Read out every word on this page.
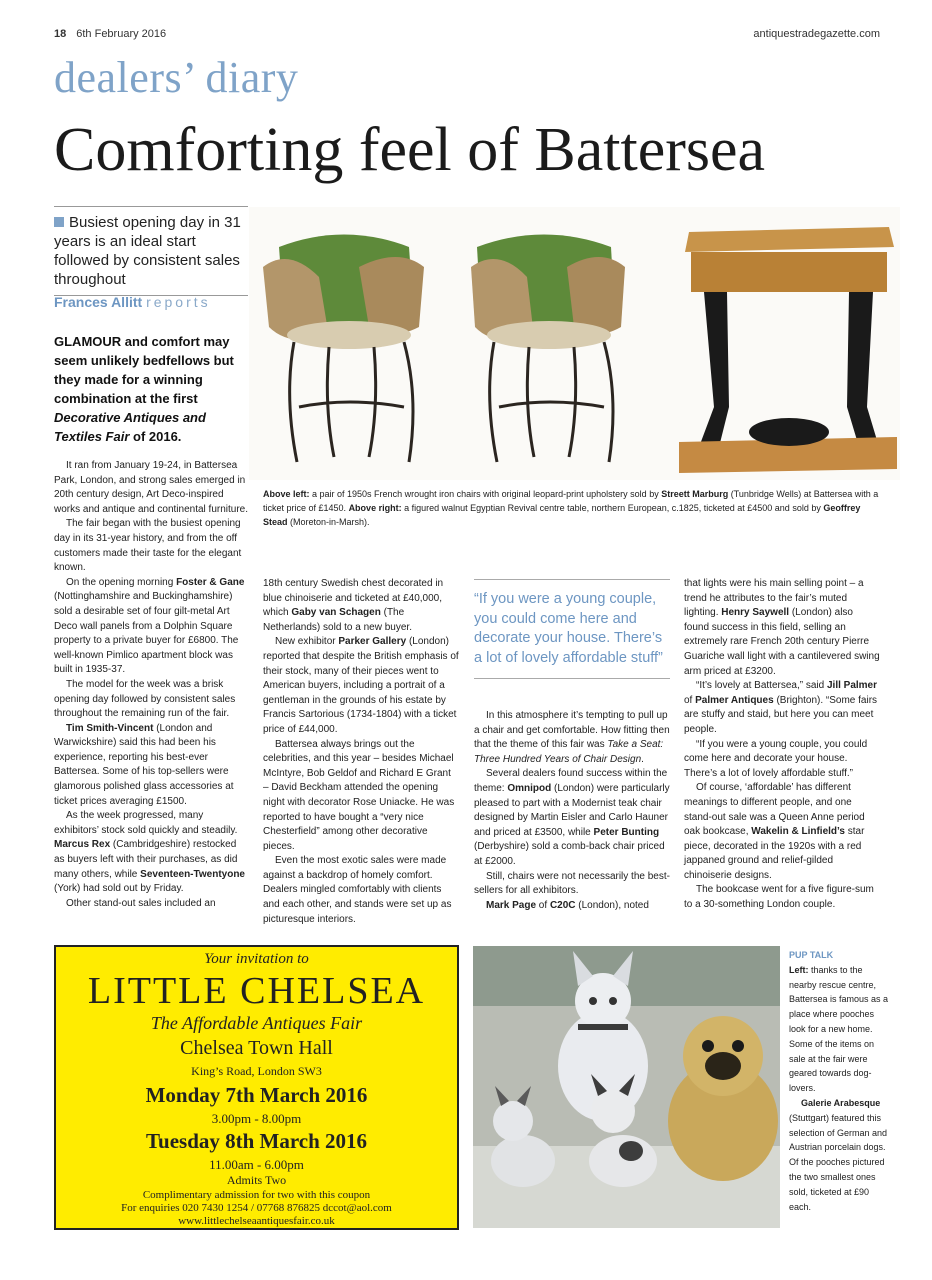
18 6th February 2016	antiquestradegazette.com
dealers’ diary
Comforting feel of Battersea
Busiest opening day in 31 years is an ideal start followed by consistent sales throughout
Frances Allitt reports
GLAMOUR and comfort may seem unlikely bedfellows but they made for a winning combination at the first Decorative Antiques and Textiles Fair of 2016.
Above left: a pair of 1950s French wrought iron chairs with original leopard-print upholstery sold by Streett Marburg (Tunbridge Wells) at Battersea with a ticket price of £1450. Above right: a figured walnut Egyptian Revival centre table, northern European, c.1825, ticketed at £4500 and sold by Geoffrey Stead (Moreton-in-Marsh).

It ran from January 19-24, in Battersea Park, London, and strong sales emerged in 20th century design, Art Deco-inspired works and antique and continental furniture.

The fair began with the busiest opening day in its 31-year history, and from the off customers made their taste for the elegant known.

On the opening morning Foster & Gane (Nottinghamshire and Buckinghamshire) sold a desirable set of four gilt-metal Art Deco wall panels from a Dolphin Square property to a private buyer for £6800. The well-known Pimlico apartment block was built in 1935-37.

The model for the week was a brisk opening day followed by consistent sales throughout the remaining run of the fair.

Tim Smith-Vincent (London and Warwickshire) said this had been his experience, reporting his best-ever Battersea. Some of his top-sellers were glamorous polished glass accessories at ticket prices averaging £1500.

As the week progressed, many exhibitors’ stock sold quickly and steadily. Marcus Rex (Cambridgeshire) restocked as buyers left with their purchases, as did many others, while Seventeen-Twentyone (York) had sold out by Friday.

Other stand-out sales included an

18th century Swedish chest decorated in blue chinoiserie and ticketed at £40,000, which Gaby van Schagen (The Netherlands) sold to a new buyer.

New exhibitor Parker Gallery (London) reported that despite the British emphasis of their stock, many of their pieces went to American buyers, including a portrait of a gentleman in the grounds of his estate by Francis Sartorious (1734-1804) with a ticket price of £44,000.

Battersea always brings out the celebrities, and this year – besides Michael McIntyre, Bob Geldof and Richard E Grant – David Beckham attended the opening night with decorator Rose Uniacke. He was reported to have bought a “very nice Chesterfield” among other decorative pieces.

Even the most exotic sales were made against a backdrop of homely comfort. Dealers mingled comfortably with clients and each other, and stands were set up as picturesque interiors.

“If you were a young couple, you could come here and decorate your house. There’s a lot of lovely affordable stuff”

In this atmosphere it’s tempting to pull up a chair and get comfortable. How fitting then that the theme of this fair was Take a Seat: Three Hundred Years of Chair Design.

Several dealers found success within the theme: Omnipod (London) were particularly pleased to part with a Modernist teak chair designed by Martin Eisler and Carlo Hauner and priced at £3500, while Peter Bunting (Derbyshire) sold a comb-back chair priced at £2000.

Still, chairs were not necessarily the best-sellers for all exhibitors.

Mark Page of C20C (London), noted

that lights were his main selling point – a trend he attributes to the fair’s muted lighting. Henry Saywell (London) also found success in this field, selling an extremely rare French 20th century Pierre Guariche wall light with a cantilevered swing arm priced at £3200.

“It’s lovely at Battersea,” said Jill Palmer of Palmer Antiques (Brighton). “Some fairs are stuffy and staid, but here you can meet people.

“If you were a young couple, you could come here and decorate your house. There’s a lot of lovely affordable stuff.”

Of course, ‘affordable’ has different meanings to different people, and one stand-out sale was a Queen Anne period oak bookcase, Wakelin & Linfield’s star piece, decorated in the 1920s with a red jappaned ground and relief-gilded chinoiserie designs.

The bookcase went for a five figure-sum to a 30-something London couple.

Your invitation to
LITTLE CHELSEA
The Affordable Antiques Fair
Chelsea Town Hall
King’s Road, London SW3
Monday 7th March 2016
3.00pm - 8.00pm
Tuesday 8th March 2016
11.00am - 6.00pm
Admits Two
Complimentary admission for two with this coupon
For enquiries 020 7430 1254 / 07768 876825 dccot@aol.com
www.littlechelseaantiquesfair.co.uk
PUP TALK
Left: thanks to the nearby rescue centre, Battersea is famous as a place where pooches look for a new home. Some of the items on sale at the fair were geared towards dog-lovers.
Galerie Arabesque (Stuttgart) featured this selection of German and Austrian porcelain dogs. Of the pooches pictured the two smallest ones sold, ticketed at £90 each.
